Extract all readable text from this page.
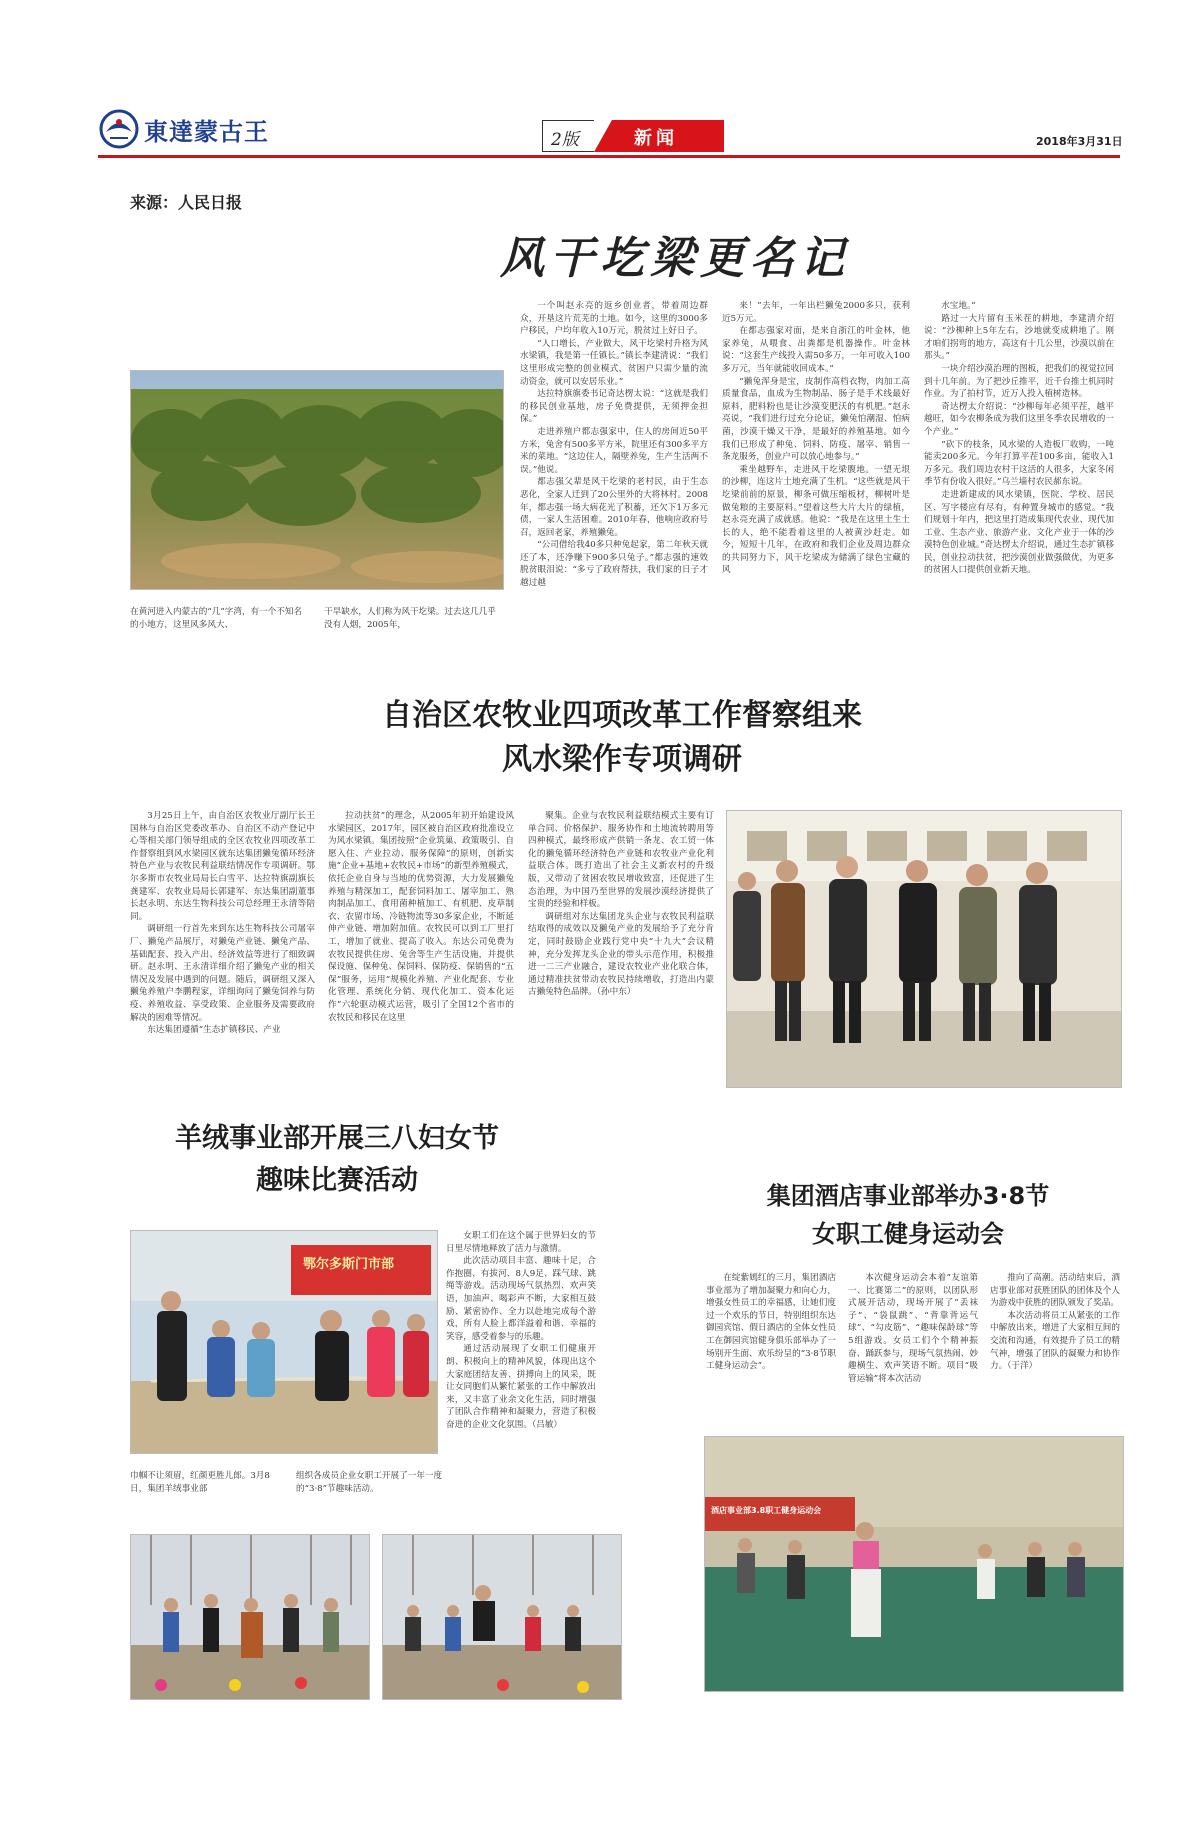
東達蒙古王	2版	新闻	2018年3月31日
来源：人民日报
风干圪梁更名记
在黄河进入内蒙古的“几”字湾，有一个不知名的小地方，这里风多风大、
干旱缺水，人们称为风干圪梁。过去这几几乎没有人烟，2005年，

一个叫赵永亮的返乡创业者，带着周边群众，开垦这片荒芜的土地。如今，这里的3000多户移民，户均年收入10万元，脱贫过上好日子。

“人口增长，产业做大，风干圪梁村升格为风水梁镇，我是第一任镇长。”镇长李建清说：“我们这里形成完整的创业模式，贫困户只需少量的流动资金，就可以安居乐业。”

达拉特旗旗委书记奇达楞太说：“这就是我们的移民创业基地，房子免费提供，无须押金担保。”

走进养殖户都志强家中，住人的房间近50平方米，兔舍有500多平方米，院里还有300多平方米的菜地。“这边住人，隔壁养兔，生产生活两不误。”他说。

都志强父辈是风干圪梁的老村民，由于生态恶化，全家人迁到了20公里外的大将林村。2008年，都志强一场大病花光了积蓄，还欠下1万多元债，一家人生活困难。2010年春，他响应政府号召，返回老家，养殖獭兔。

“公司借给我40多只种兔起家，第二年秋天就还了本，还净赚下900多只兔子。”都志强的速效脱贫眼泪说：“多亏了政府帮扶，我们家的日子才越过越

来！”去年，一年出栏獭兔2000多只，获利近5万元。

在都志强家对面，是来自浙江的叶金林，他家养兔，从喂食、出粪都是机器操作。叶金林说：“这套生产线投入需50多万，一年可收入100多万元，当年就能收回成本。”

“獭兔浑身是宝，皮制作高档衣物，肉加工高质量食品，血成为生物制品、肠子是手术线最好原料，肥料粉也是让沙漠变肥沃的有机肥。”赵永亮说，“我们进行过充分论证，獭兔怕潮湿、怕病菌，沙漠干燥又干净，是最好的养殖基地。如今我们已形成了种兔、饲料、防疫、屠宰、销售一条龙服务，创业户可以放心地参与。”

乘坐越野车，走进风干圪梁腹地。一望无垠的沙柳，连这片土地充满了生机。“这些就是风干圪梁前前的原景，柳条可做压缩板材，柳树叶是做兔粮的主要原料。”望着这些大片大片的绿植，赵永亮充满了成就感。他说：“我是在这里土生土长的人，绝不能看着这里的人被黄沙赶走。如今，短短十几年，在政府和我们企业及周边群众的共同努力下，风干圪梁成为储满了绿色宝藏的风

水宝地。”

路过一大片留有玉米茬的耕地，李建清介绍说：“沙柳种上5年左右，沙地就变成耕地了。刚才咱们拐弯的地方，高这有十几公里，沙漠以前在那头。”

一块介绍沙漠治理的图板，把我们的视觉拉回到十几年前。为了把沙丘推平，近千台推土机同时作业。为了拍村节，近万人投入植树造林。

奇达楞太介绍说：“沙柳每年必须平茬，越平越旺，如今农柳条成为我们这里冬季农民增收的一个产业。”

“砍下的枝条，风水梁的人造板厂收购，一吨能卖200多元。今年打算平茬100多亩，能收入1万多元。我们周边农村干这活的人很多，大家冬闲季节有份收入很好。”乌兰墙村农民郝东说。

走进新建成的风水梁镇，医院、学校、居民区、写字楼应有尽有，有种置身城市的感觉。“我们规划十年内，把这里打造成集现代农业、现代加工业、生态产业、旅游产业、文化产业于一体的沙漠特色创业城。”奇达楞太介绍说，通过生态扩镇移民，创业拉动扶贫，把沙漠创业做强做优，为更多的贫困人口提供创业新天地。

自治区农牧业四项改革工作督察组来
风水梁作专项调研

3月25日上午，由自治区农牧业厅副厅长王国林与自治区党委改革办、自治区不动产登记中心等相关部门领导组成的全区农牧业四项改革工作督察组到风水梁园区就东达集团獭兔循环经济特色产业与农牧民利益联结情况作专项调研。鄂尔多斯市农牧业局局长白雪平、达拉特旗副旗长龚建军、农牧业局局长郭建军、东达集团副董事长赵永明、东达生物科技公司总经理王永清等陪同。

调研组一行首先来到东达生物科技公司屠宰厂、獭兔产品展厅，对獭兔产业链、獭兔产品、基础配套、投入产出、经济效益等进行了细致调研。赵永明、王永清详细介绍了獭兔产业的相关情况及发展中遇到的问题。随后，调研组又深入獭兔养殖户李鹏程家，详细询问了獭兔饲养与防疫、养殖收益、享受政策、企业服务及需要政府解决的困难等情况。

东达集团遵循“生态扩镇移民、产业

拉动扶贫”的理念，从2005年初开始建设风水梁园区，2017年，园区被自治区政府批准设立为风水梁镇。集团按照“企业筑巢、政策吸引、自愿入住、产业拉动、服务保障”的原则，创新实施“企业+基地+农牧民+市场”的新型养殖模式，依托企业自身与当地的优势资源，大力发展獭兔养殖与精深加工，配套饲料加工、屠宰加工、熟肉制品加工、食用菌种植加工、有机肥、皮草制衣、农留市场、冷链物流等30多家企业，不断延伸产业链、增加附加值。农牧民可以到工厂里打工，增加了就业、提高了收入。东达公司免费为农牧民提供住房、兔舍等生产生活设施，并提供保设施、保种兔、保饲料、保防疫、保销售的“五保”服务，运用“规模化养殖、产业化配套、专业化管理、系统化分销、现代化加工、资本化运作”六轮驱动模式运营，吸引了全国12个省市的农牧民和移民在这里

聚集。企业与农牧民利益联结模式主要有订单合同、价格保护、服务协作和土地流转聘用等四种模式，最终形成产供销一条龙、农工贸一体化的獭兔循环经济特色产业链和农牧业产业化利益联合体。既打造出了社会主义新农村的升级版，又带动了贫困农牧民增收致富，还促进了生态治理，为中国乃至世界的发展沙漠经济提供了宝贵的经验和样板。

调研组对东达集团龙头企业与农牧民利益联结取得的成效以及獭兔产业的发展给予了充分肯定，同时鼓励企业践行党中央“十九大”会议精神，充分发挥龙头企业的带头示范作用，积极推进一二三产业融合，建设农牧业产业化联合体，通过精准扶贫带动农牧民持续增收，打造出内蒙古獭兔特色品牌。（孙中东）

羊绒事业部开展三八妇女节
趣味比赛活动
鄂尔多斯门市部

女职工们在这个属于世界妇女的节日里尽情地释放了活力与激情。

此次活动项目丰富、趣味十足，合作抱圈、有拔河、8人9足、踩气球、跳绳等游戏。活动现场气氛热烈、欢声笑语，加油声、喝彩声不断，大家相互鼓励、紧密协作、全力以赴地完成每个游戏，所有人脸上都洋溢着和谐、幸福的笑容，感受着参与的乐趣。

通过活动展现了女职工们健康开朗、积极向上的精神风貌，体现出这个大家庭团结友善、拼搏向上的风采，既让女同胞们从繁忙紧张的工作中解放出来，又丰富了业余文化生活，同时增强了团队合作精神和凝聚力，营造了积极奋进的企业文化氛围。（吕敏）

巾帼不让须眉，红颜更胜儿郎。3月8日，集团羊绒事业部
组织各成员企业女职工开展了一年一度的“3·8”节趣味活动。
集团酒店事业部举办3·8节
女职工健身运动会

在绽紫嫣红的三月，集团酒店事业部为了增加凝聚力和向心力，增强女性员工的幸福感，让她们度过一个欢乐的节日，特别组织东达御园宾馆、假日酒店的全体女性员工在御园宾馆健身俱乐部举办了一场别开生面、欢乐纷呈的“3·8节职工健身运动会”。

本次健身运动会本着“友谊第一、比赛第二”的原则，以团队形式展开活动，现场开展了“丢袜子”、“袋鼠跳”、“背靠背运气球”、“勾皮筋”、“趣味保龄球”等5组游戏。女员工们个个精神振奋、踊跃参与，现场气氛热闹、妙趣横生、欢声笑语不断。项目“吸管运输”将本次活动

推向了高潮。活动结束后，酒店事业部对获胜团队的团体及个人为游戏中获胜的团队颁发了奖品。

本次活动将员工从紧张的工作中解放出来，增进了大家相互间的交流和沟通，有效提升了员工的精气神，增强了团队的凝聚力和协作力。（于洋）

酒店事业部3.8职工健身运动会
